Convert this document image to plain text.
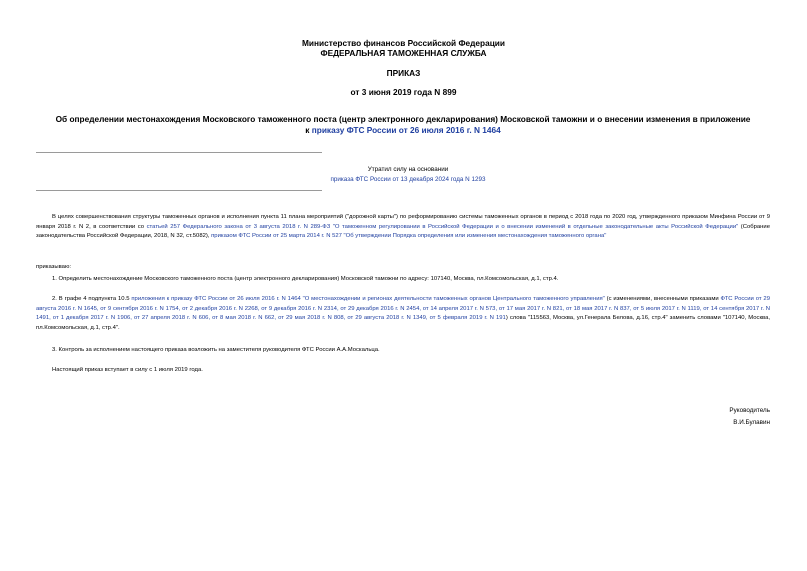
Министерство финансов Российской Федерации
ФЕДЕРАЛЬНАЯ ТАМОЖЕННАЯ СЛУЖБА
ПРИКАЗ
от 3 июня 2019 года N 899
Об определении местонахождения Московского таможенного поста (центр электронного декларирования) Московской таможни и о внесении изменения в приложение к приказу ФТС России от 26 июля 2016 г. N 1464
Утратил силу на основании
приказа ФТС России от 13 декабря 2024 года N 1293

В целях совершенствования структуры таможенных органов и исполнения пункта 11 плана мероприятий ("дорожной карты") по реформированию системы таможенных органов в период с 2018 года по 2020 год, утвержденного приказом Минфина России от 9 января 2018 г. N 2, в соответствии со статьей 257 Федерального закона от 3 августа 2018 г. N 289-ФЗ "О таможенном регулировании в Российской Федерации и о внесении изменений в отдельные законодательные акты Российской Федерации" (Собрание законодательства Российской Федерации, 2018, N 32, ст.5082), приказом ФТС России от 25 марта 2014 г. N 527 "Об утверждении Порядка определения или изменения местонахождения таможенного органа"

приказываю:

1. Определить местонахождение Московского таможенного поста (центр электронного декларирования) Московской таможни по адресу: 107140, Москва, пл.Комсомольская, д.1, стр.4.

2. В графе 4 подпункта 10.5 приложения к приказу ФТС России от 26 июля 2016 г. N 1464 "О местонахождении и регионах деятельности таможенных органов Центрального таможенного управления" (с изменениями, внесенными приказами ФТС России от 29 августа 2016 г. N 1645, от 9 сентября 2016 г. N 1754, от 2 декабря 2016 г. N 2268, от 9 декабря 2016 г. N 2314, от 29 декабря 2016 г. N 2454, от 14 апреля 2017 г. N 573, от 17 мая 2017 г. N 821, от 18 мая 2017 г. N 837, от 5 июля 2017 г. N 1119, от 14 сентября 2017 г. N 1491, от 1 декабря 2017 г. N 1906, от 27 апреля 2018 г. N 606, от 8 мая 2018 г. N 662, от 29 мая 2018 г. N 808, от 29 августа 2018 г. N 1349, от 5 февраля 2019 г. N 191) слова "115563, Москва, ул.Генерала Белова, д.16, стр.4" заменить словами "107140, Москва, пл.Комсомольская, д.1, стр.4".

3. Контроль за исполнением настоящего приказа возложить на заместителя руководителя ФТС России А.А.Москальца.

Настоящий приказ вступает в силу с 1 июля 2019 года.

Руководитель
В.И.Булавин
